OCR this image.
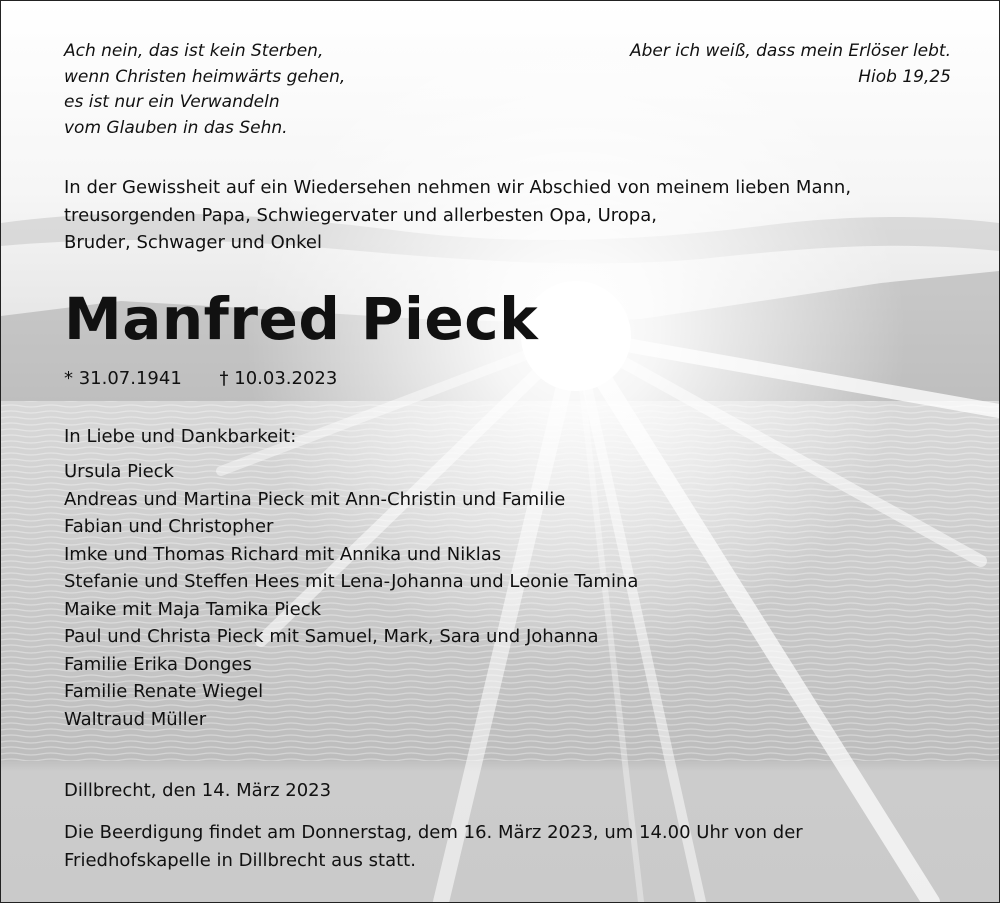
Ach nein, das ist kein Sterben,
wenn Christen heimwärts gehen,
es ist nur ein Verwandeln
vom Glauben in das Sehn.
Aber ich weiß, dass mein Erlöser lebt.
Hiob 19,25
In der Gewissheit auf ein Wiedersehen nehmen wir Abschied von meinem lieben Mann,
treusorgenden Papa, Schwiegervater und allerbesten Opa, Uropa,
Bruder, Schwager und Onkel
Manfred Pieck
* 31.07.1941 † 10.03.2023
In Liebe und Dankbarkeit:
Ursula Pieck
Andreas und Martina Pieck mit Ann-Christin und Familie
Fabian und Christopher
Imke und Thomas Richard mit Annika und Niklas
Stefanie und Steffen Hees mit Lena-Johanna und Leonie Tamina
Maike mit Maja Tamika Pieck
Paul und Christa Pieck mit Samuel, Mark, Sara und Johanna
Familie Erika Donges
Familie Renate Wiegel
Waltraud Müller
Dillbrecht, den 14. März 2023
Die Beerdigung findet am Donnerstag, dem 16. März 2023, um 14.00 Uhr von der
Friedhofskapelle in Dillbrecht aus statt.
